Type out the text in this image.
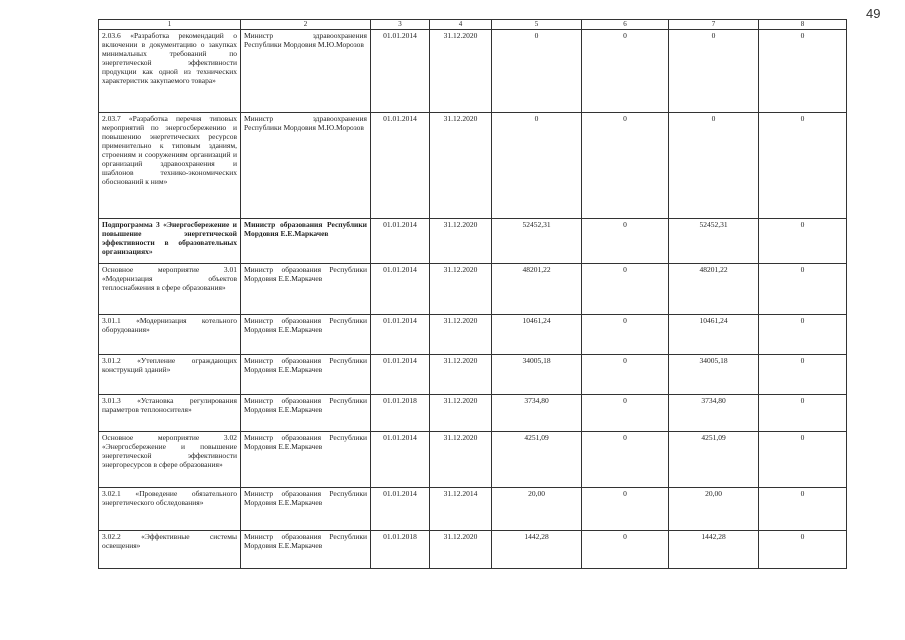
49
1	2	3	4	5	6	7	8
2.03.6 «Разработка рекомендаций о включении в документацию о закупках минимальных требований по энергетической эффективности продукции как одной из технических характеристик закупаемого товара»	Министр здравоохранения Республики Мордовия М.Ю.Морозов	01.01.2014	31.12.2020	0	0	0	0
2.03.7 «Разработка перечня типовых мероприятий по энергосбережению и повышению энергетических ресурсов применительно к типовым зданиям, строениям и сооружениям организаций и организаций здравоохранения и шаблонов технико-экономических обоснований к ним»	Министр здравоохранения Республики Мордовия М.Ю.Морозов	01.01.2014	31.12.2020	0	0	0	0
Подпрограмма 3 «Энергосбережение и повышение энергетической эффективности в образовательных организациях»	Министр образования Республики Мордовия Е.Е.Маркачев	01.01.2014	31.12.2020	52452,31	0	52452,31	0
Основное мероприятие 3.01 «Модернизация объектов теплоснабжения в сфере образования»	Министр образования Республики Мордовия Е.Е.Маркачев	01.01.2014	31.12.2020	48201,22	0	48201,22	0
3.01.1 «Модернизация котельного оборудования»	Министр образования Республики Мордовия Е.Е.Маркачев	01.01.2014	31.12.2020	10461,24	0	10461,24	0
3.01.2 «Утепление ограждающих конструкций зданий»	Министр образования Республики Мордовия Е.Е.Маркачев	01.01.2014	31.12.2020	34005,18	0	34005,18	0
3.01.3 «Установка регулирования параметров теплоносителя»	Министр образования Республики Мордовия Е.Е.Маркачев	01.01.2018	31.12.2020	3734,80	0	3734,80	0
Основное мероприятие 3.02 «Энергосбережение и повышение энергетической эффективности энергоресурсов в сфере образования»	Министр образования Республики Мордовия Е.Е.Маркачев	01.01.2014	31.12.2020	4251,09	0	4251,09	0
3.02.1 «Проведение обязательного энергетического обследования»	Министр образования Республики Мордовия Е.Е.Маркачев	01.01.2014	31.12.2014	20,00	0	20,00	0
3.02.2 «Эффективные системы освещения»	Министр образования Республики Мордовия Е.Е.Маркачев	01.01.2018	31.12.2020	1442,28	0	1442,28	0
